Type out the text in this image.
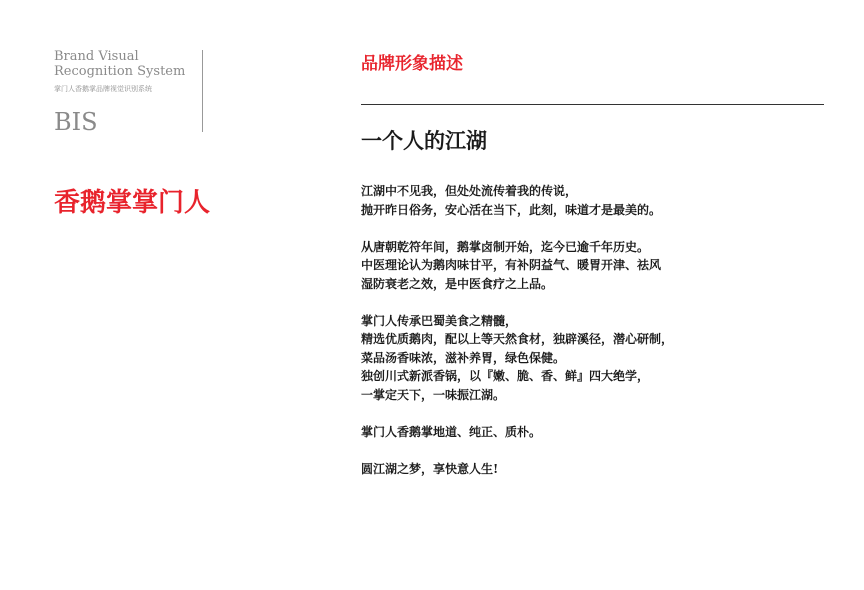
Brand Visual
Recognition System
掌门人香鹅掌品牌视觉识别系统
BIS
香鹅掌掌门人
品牌形象描述
一个人的江湖

江湖中不见我，但处处流传着我的传说，
抛开昨日俗务，安心活在当下，此刻，味道才是最美的。

从唐朝乾符年间，鹅掌卤制开始，迄今已逾千年历史。
中医理论认为鹅肉味甘平，有补阴益气、暖胃开津、祛风
湿防衰老之效，是中医食疗之上品。

掌门人传承巴蜀美食之精髓，
精选优质鹅肉，配以上等天然食材，独辟溪径，潜心研制，
菜品汤香味浓，滋补养胃，绿色保健。
独创川式新派香锅，以『嫩、脆、香、鲜』四大绝学，
一掌定天下，一味振江湖。

掌门人香鹅掌地道、纯正、质朴。

圆江湖之梦，享快意人生!
